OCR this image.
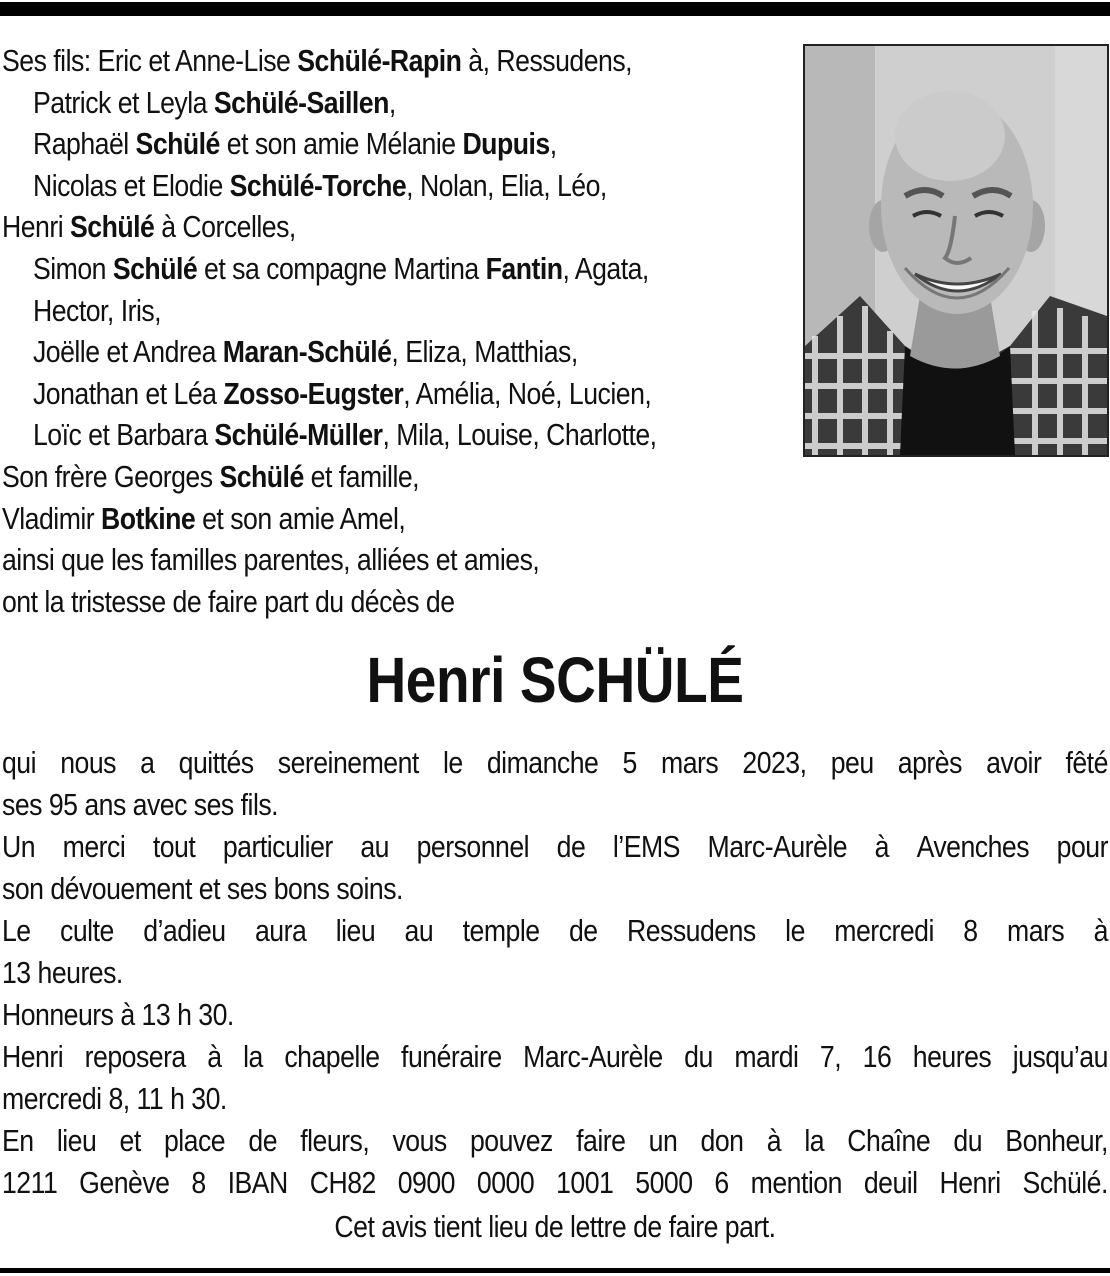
Ses fils: Eric et Anne-Lise Schülé-Rapin à, Ressudens,
Patrick et Leyla Schülé-Saillen,
Raphaël Schülé et son amie Mélanie Dupuis,
Nicolas et Elodie Schülé-Torche, Nolan, Elia, Léo,
Henri Schülé à Corcelles,
Simon Schülé et sa compagne Martina Fantin, Agata,
Hector, Iris,
Joëlle et Andrea Maran-Schülé, Eliza, Matthias,
Jonathan et Léa Zosso-Eugster, Amélia, Noé, Lucien,
Loïc et Barbara Schülé-Müller, Mila, Louise, Charlotte,
Son frère Georges Schülé et famille,
Vladimir Botkine et son amie Amel,
ainsi que les familles parentes, alliées et amies,
ont la tristesse de faire part du décès de
Henri SCHÜLÉ
qui nous a quittés sereinement le dimanche 5 mars 2023, peu après avoir fêté
ses 95 ans avec ses fils.
Un merci tout particulier au personnel de l’EMS Marc-Aurèle à Avenches pour
son dévouement et ses bons soins.
Le culte d’adieu aura lieu au temple de Ressudens le mercredi 8 mars à
13 heures.
Honneurs à 13 h 30.
Henri reposera à la chapelle funéraire Marc-Aurèle du mardi 7, 16 heures jusqu’au
mercredi 8, 11 h 30.
En lieu et place de fleurs, vous pouvez faire un don à la Chaîne du Bonheur,
1211 Genève 8 IBAN CH82 0900 0000 1001 5000 6 mention deuil Henri Schülé.
Cet avis tient lieu de lettre de faire part.
